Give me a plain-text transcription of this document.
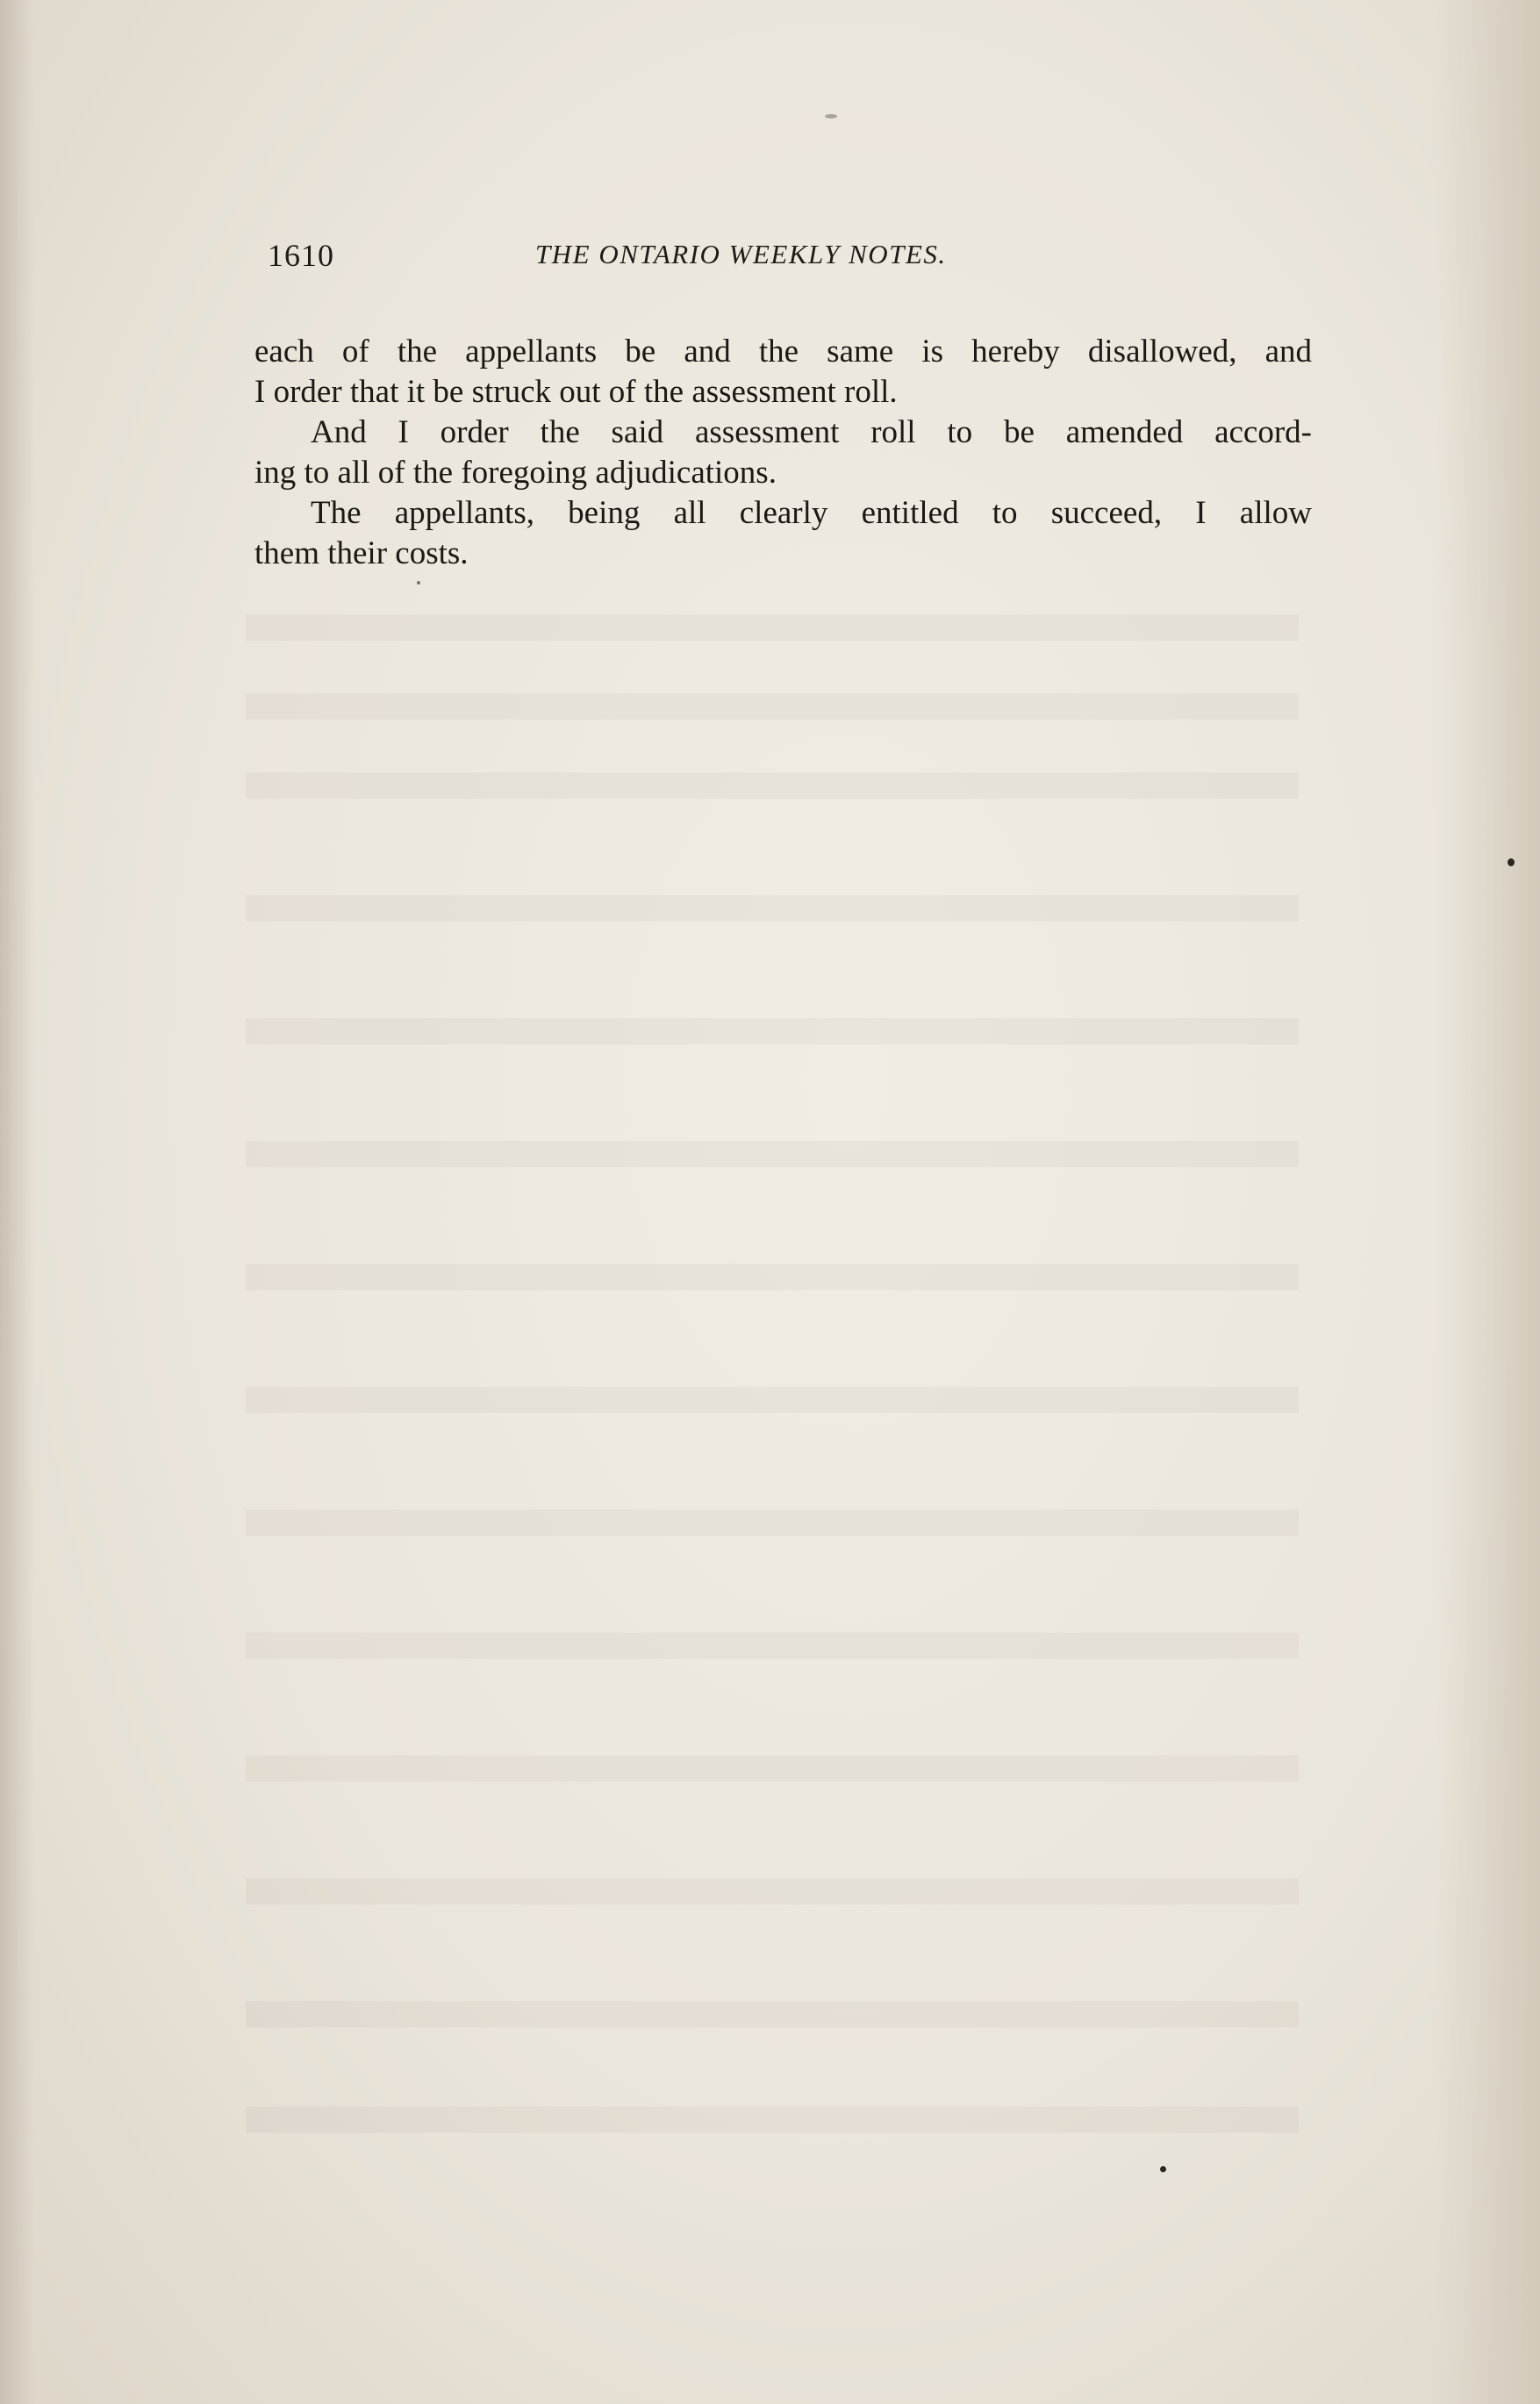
1610	THE ONTARIO WEEKLY NOTES.
each of the appellants be and the same is hereby disallowed, and
I order that it be struck out of the assessment roll.
And I order the said assessment roll to be amended accord-
ing to all of the foregoing adjudications.
The appellants, being all clearly entitled to succeed, I allow
them their costs.
